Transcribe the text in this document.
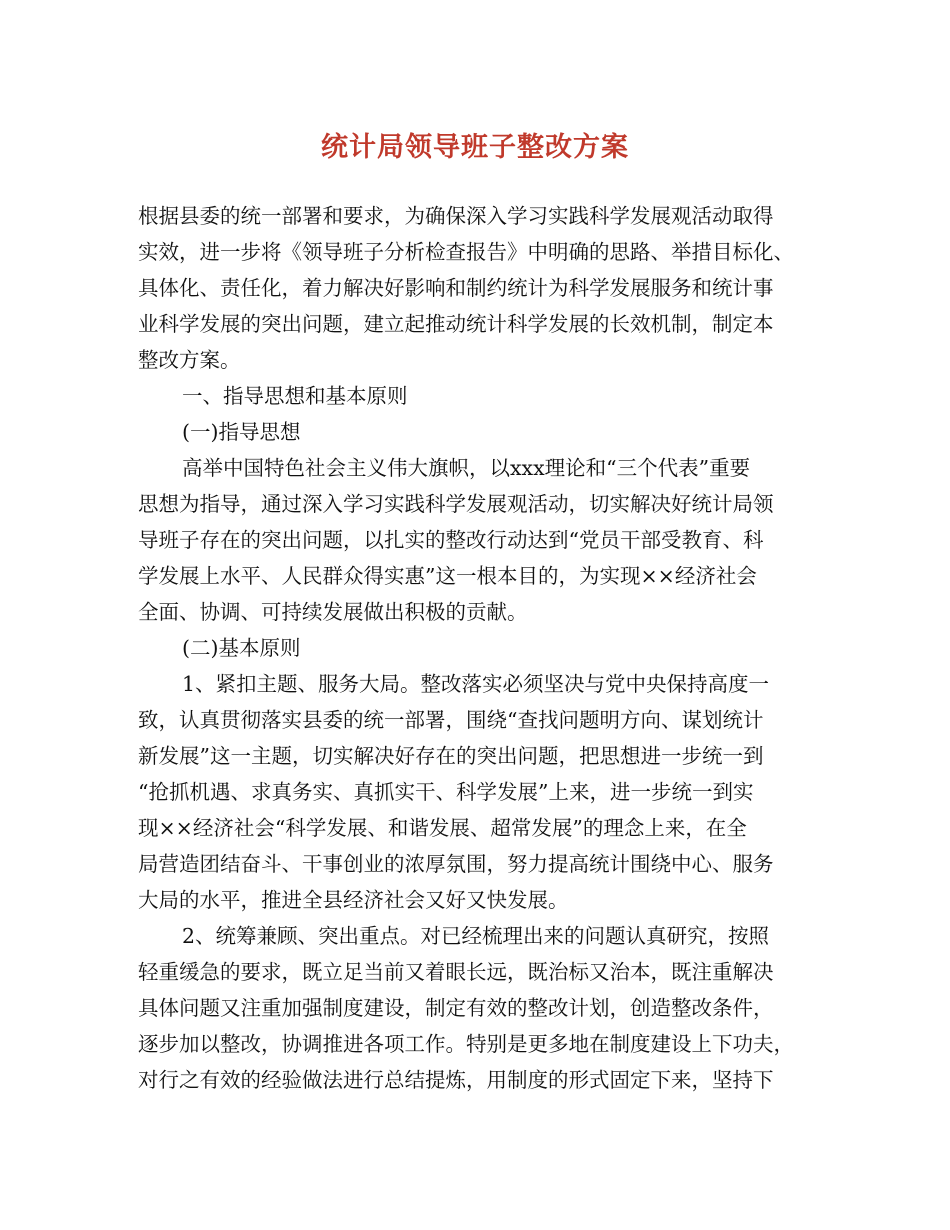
统计局领导班子整改方案
根据县委的统一部署和要求，为确保深入学习实践科学发展观活动取得
实效，进一步将《领导班子分析检查报告》中明确的思路、举措目标化、
具体化、责任化，着力解决好影响和制约统计为科学发展服务和统计事
业科学发展的突出问题，建立起推动统计科学发展的长效机制，制定本
整改方案。
一、指导思想和基本原则
(一)指导思想
高举中国特色社会主义伟大旗帜，以xxx理论和“三个代表”重要
思想为指导，通过深入学习实践科学发展观活动，切实解决好统计局领
导班子存在的突出问题，以扎实的整改行动达到“党员干部受教育、科
学发展上水平、人民群众得实惠”这一根本目的，为实现××经济社会
全面、协调、可持续发展做出积极的贡献。
(二)基本原则
1、紧扣主题、服务大局。整改落实必须坚决与党中央保持高度一
致，认真贯彻落实县委的统一部署，围绕“查找问题明方向、谋划统计
新发展”这一主题，切实解决好存在的突出问题，把思想进一步统一到
“抢抓机遇、求真务实、真抓实干、科学发展”上来，进一步统一到实
现××经济社会“科学发展、和谐发展、超常发展”的理念上来，在全
局营造团结奋斗、干事创业的浓厚氛围，努力提高统计围绕中心、服务
大局的水平，推进全县经济社会又好又快发展。
2、统筹兼顾、突出重点。对已经梳理出来的问题认真研究，按照
轻重缓急的要求，既立足当前又着眼长远，既治标又治本，既注重解决
具体问题又注重加强制度建设，制定有效的整改计划，创造整改条件，
逐步加以整改，协调推进各项工作。特别是更多地在制度建设上下功夫，
对行之有效的经验做法进行总结提炼，用制度的形式固定下来，坚持下
